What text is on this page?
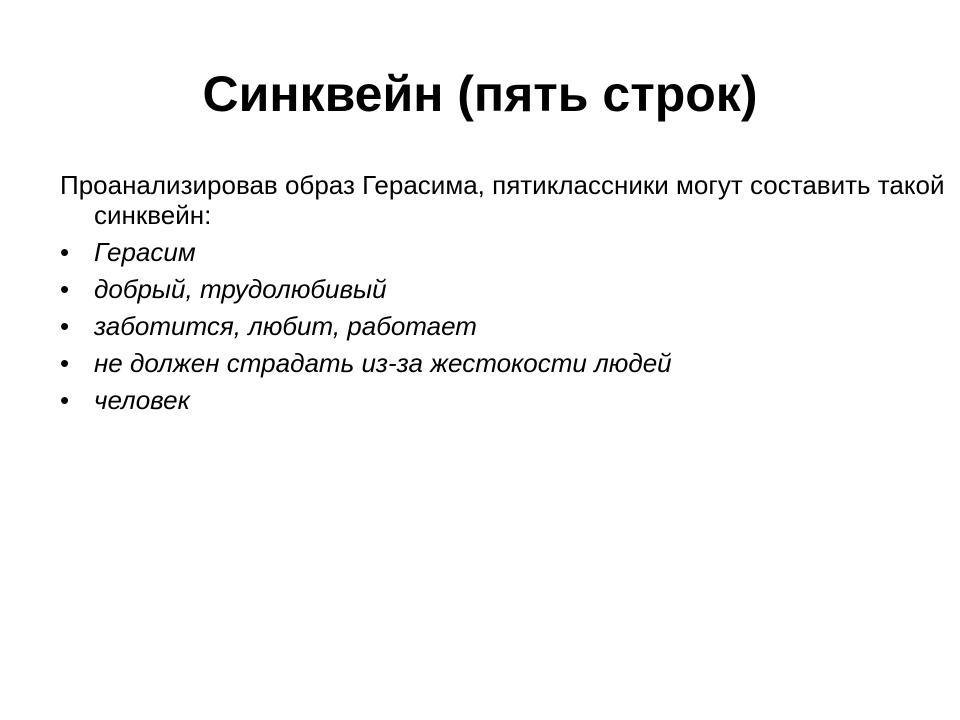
Синквейн (пять строк)
Проанализировав образ Герасима, пятиклассники могут составить такой синквейн:
• Герасим
• добрый, трудолюбивый
• заботится, любит, работает
• не должен страдать из-за жестокости людей
• человек
